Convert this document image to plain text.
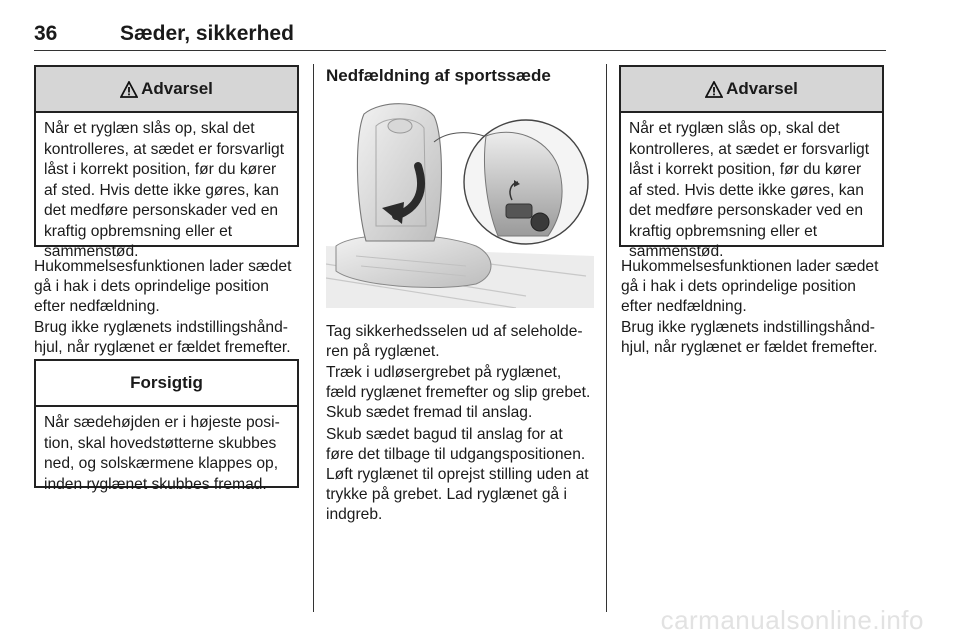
36	Sæder, sikkerhed
Advarsel
Når et ryglæn slås op, skal det kontrolleres, at sædet er forsvarligt låst i korrekt position, før du kører af sted. Hvis dette ikke gøres, kan det medføre personskader ved en kraftig opbremsning eller et sammenstød.

Hukommelsesfunktionen lader sædet gå i hak i dets oprindelige position efter nedfældning.

Brug ikke ryglænets indstillingshåndhjul, når ryglænet er fældet fremefter.

Forsigtig
Når sædehøjden er i højeste position, skal hovedstøtterne skubbes ned, og solskærmene klappes op, inden ryglænet skubbes fremad.
Nedfældning af sportssæde

Tag sikkerhedsselen ud af seleholderen på ryglænet.

Træk i udløsergrebet på ryglænet, fæld ryglænet fremefter og slip grebet. Skub sædet fremad til anslag.

Skub sædet bagud til anslag for at føre det tilbage til udgangspositionen. Løft ryglænet til oprejst stilling uden at trykke på grebet. Lad ryglænet gå i indgreb.

Advarsel
Når et ryglæn slås op, skal det kontrolleres, at sædet er forsvarligt låst i korrekt position, før du kører af sted. Hvis dette ikke gøres, kan det medføre personskader ved en kraftig opbremsning eller et sammenstød.

Hukommelsesfunktionen lader sædet gå i hak i dets oprindelige position efter nedfældning.

Brug ikke ryglænets indstillingshåndhjul, når ryglænet er fældet fremefter.

carmanualsonline.info
